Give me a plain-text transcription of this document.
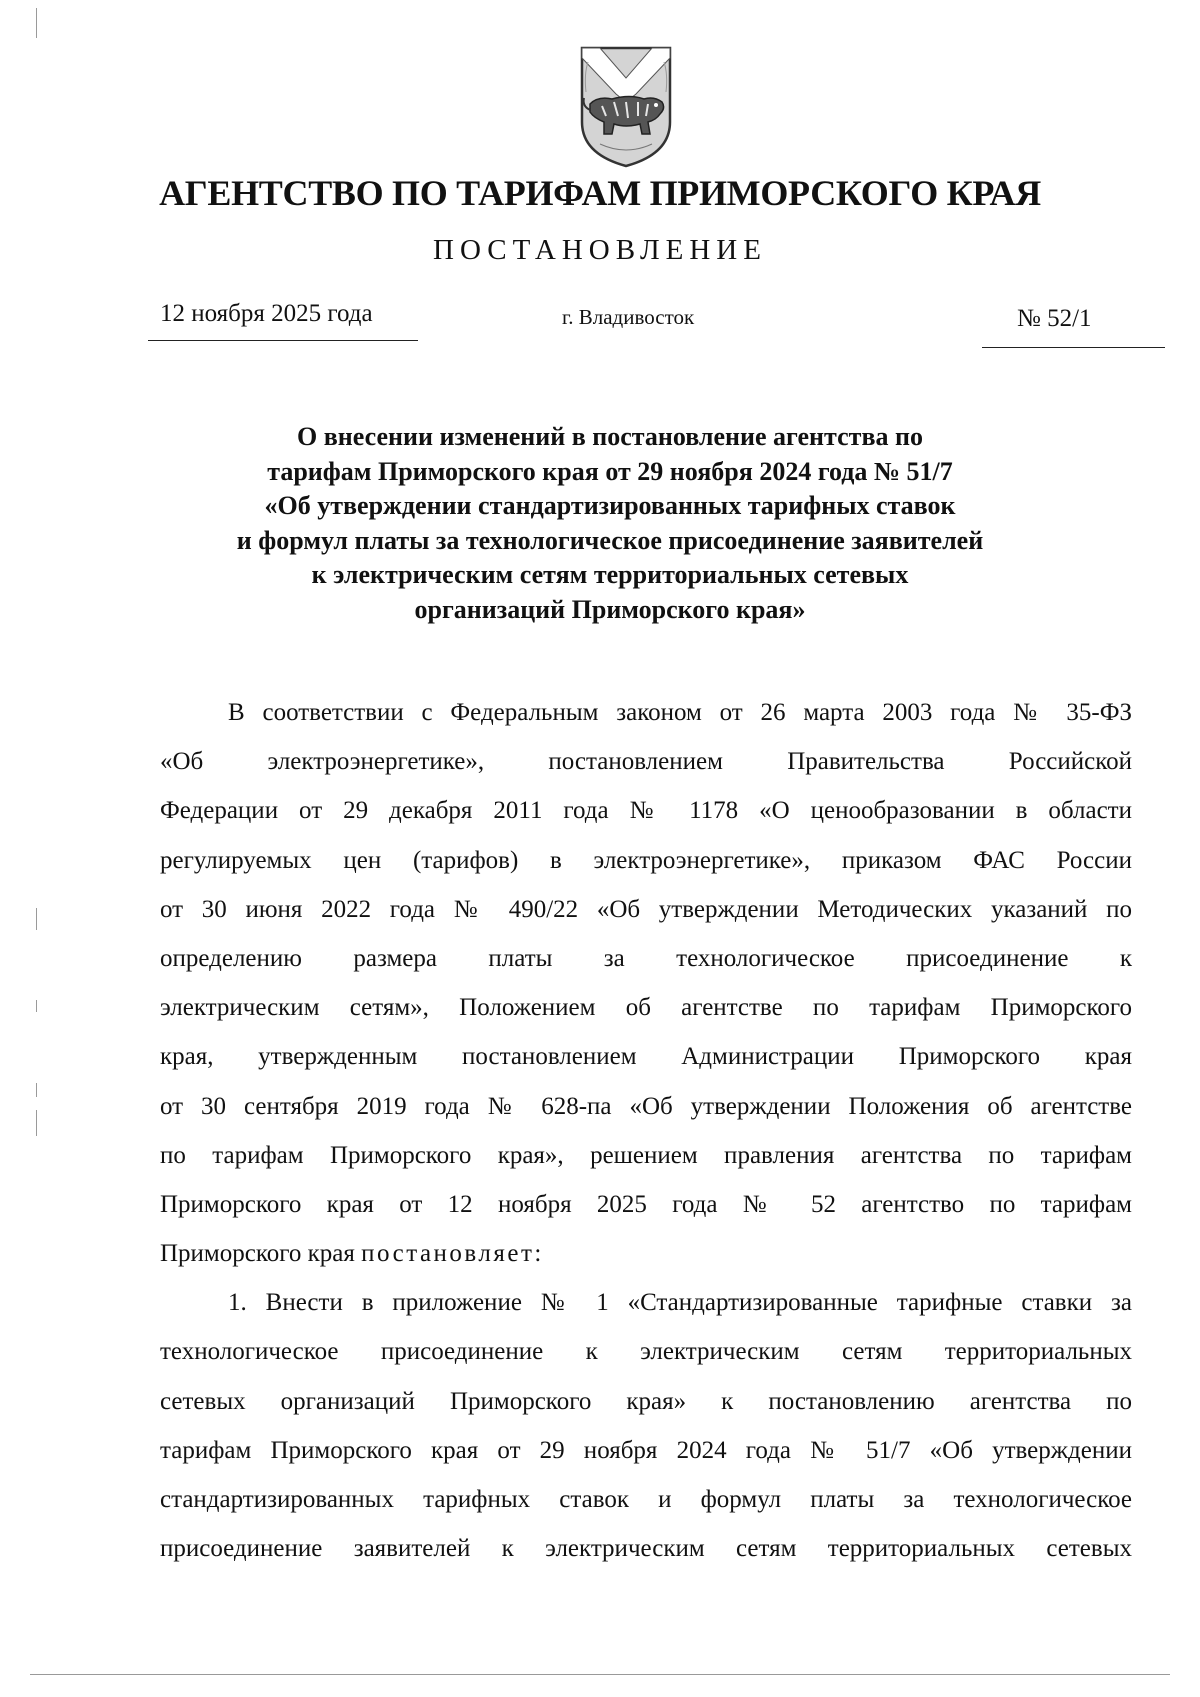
АГЕНТСТВО ПО ТАРИФАМ ПРИМОРСКОГО КРАЯ
ПОСТАНОВЛЕНИЕ
12 ноября 2025 года	г. Владивосток	№ 52/1
О внесении изменений в постановление агентства по
тарифам Приморского края от 29 ноября 2024 года № 51/7
«Об утверждении стандартизированных тарифных ставок
и формул платы за технологическое присоединение заявителей
к электрическим сетям территориальных сетевых
организаций Приморского края»
В соответствии с Федеральным законом от 26 марта 2003 года № 35-ФЗ
«Об электроэнергетике», постановлением Правительства Российской
Федерации от 29 декабря 2011 года № 1178 «О ценообразовании в области
регулируемых цен (тарифов) в электроэнергетике», приказом ФАС России
от 30 июня 2022 года № 490/22 «Об утверждении Методических указаний по
определению размера платы за технологическое присоединение к
электрическим сетям», Положением об агентстве по тарифам Приморского
края, утвержденным постановлением Администрации Приморского края
от 30 сентября 2019 года № 628-па «Об утверждении Положения об агентстве
по тарифам Приморского края», решением правления агентства по тарифам
Приморского края от 12 ноября 2025 года № 52 агентство по тарифам
Приморского края постановляет:
1. Внести в приложение № 1 «Стандартизированные тарифные ставки за
технологическое присоединение к электрическим сетям территориальных
сетевых организаций Приморского края» к постановлению агентства по
тарифам Приморского края от 29 ноября 2024 года № 51/7 «Об утверждении
стандартизированных тарифных ставок и формул платы за технологическое
присоединение заявителей к электрическим сетям территориальных сетевых
